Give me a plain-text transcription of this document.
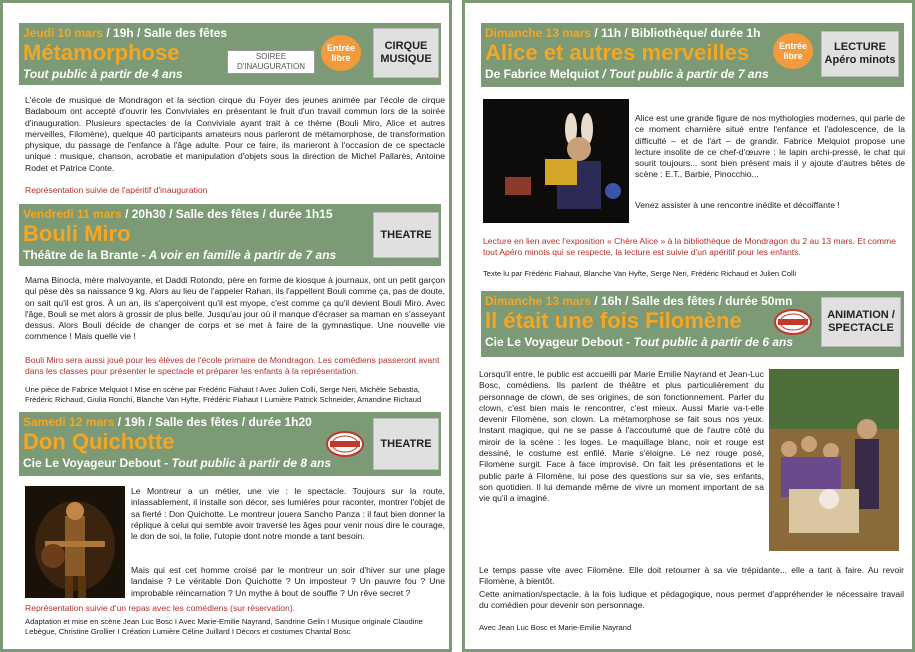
Jeudi 10 mars / 19h / Salle des fêtes
Métamorphose
Tout public à partir de 4 ans
SOIREE D'INAUGURATION
Entrée libre
CIRQUE MUSIQUE
L'école de musique de Mondragon et la section cirque du Foyer des jeunes animée par l'école de cirque Badaboum ont accepté d'ouvrir les Conviviales en présentant le fruit d'un travail commun lors de la soirée d'inauguration. Plusieurs spectacles de la Conviviale ayant trait à ce thème (Bouli Miro, Alice et autres merveilles, Filomène), quelque 40 participants amateurs nous parleront de métamorphose, de transformation physique, du passage de l'enfance à l'âge adulte. Pour ce faire, ils marieront à l'occasion de ce spectacle unique : musique, chanson, acrobatie et manipulation d'objets sous la direction de Michel Pallarès, Antoine Rodet et Patrice Conte.
Représentation suivie de l'apéritif d'inauguration
Vendredi 11 mars / 20h30 / Salle des fêtes / durée 1h15
Bouli Miro
Théâtre de la Brante - A voir en famille à partir de 7 ans
THEATRE
Mama Binocla, mère malvoyante, et Daddi Rotondo, père en forme de kiosque à journaux, ont un petit garçon qui pèse dès sa naissance 9 kg. Alors au lieu de l'appeler Rahan, ils l'appellent Bouli comme ça, pas de doute, on sait qu'il est gros. À un an, ils s'aperçoivent qu'il est myope, c'est comme ça qu'il devient Bouli Miro. Avec l'âge, Bouli se met alors à grossir de plus belle. Jusqu'au jour où il manque d'écraser sa maman en s'asseyant dessus. Alors Bouli décide de changer de corps et se met à faire de la gymnastique. Une nouvelle vie commence ! Mais quelle vie !
Bouli Miro sera aussi joué pour les élèves de l'école primaire de Mondragon. Les comédiens passeront avant dans les classes pour présenter le spectacle et préparer les enfants à la représentation.
Une pièce de Fabrice Melquiot I Mise en scène par Frédéric Fiahaut I Avec Julien Colli, Serge Neri, Michèle Sebastia, Frédéric Richaud, Giulia Ronchi, Blanche Van Hyfte, Frédéric Fiahaut I Lumière Patrick Schneider, Amandine Richaud
Samedi 12 mars / 19h / Salle des fêtes / durée 1h20
Don Quichotte
Cie Le Voyageur Debout - Tout public à partir de 8 ans
THEATRE
Le Montreur a un métier, une vie : le spectacle. Toujours sur la route, inlassablement, il installe son décor, ses lumières pour raconter, montrer l'objet de sa fierté : Don Quichotte. Le montreur jouera Sancho Panza : il faut bien donner la réplique à celui qui semble avoir traversé les âges pour venir nous dire le courage, le don de soi, la folie, l'utopie dont notre monde a tant besoin.
Mais qui est cet homme croisé par le montreur un soir d'hiver sur une plage landaise ? Le véritable Don Quichotte ? Un imposteur ? Un pauvre fou ? Une improbable réincarnation ? Un mythe à bout de souffle ? Un rêve secret ?
Représentation suivie d'un repas avec les comédiens (sur réservation).
Adaptation et mise en scène Jean Luc Bosc I Avec Marie-Emilie Nayrand, Sandrine Gelin I Musique originale Claudine Lebègue, Christine Grollier I Création Lumière Céline Juillard I Décors et costumes Chantal Bosc
Dimanche 13 mars / 11h / Bibliothèque/ durée 1h
Alice et autres merveilles
De Fabrice Melquiot / Tout public à partir de 7 ans
Entrée libre
LECTURE Apéro minots
Alice est une grande figure de nos mythologies modernes, qui parle de ce moment charnière situé entre l'enfance et l'adolescence, de la difficulté – et de l'art – de grandir. Fabrice Melquiot propose une lecture insolite de ce chef-d'œuvre : le lapin archi-pressé, le chat qui sourit toujours... sont bien présent mais il y ajoute d'autres bêtes de scène : E.T., Barbie, Pinocchio...
Venez assister à une rencontre inédite et décoiffante !
Lecture en lien avec l'exposition « Chère Alice » à la bibliothèque de Mondragon du 2 au 13 mars. Et comme tout Apéro minots qui se respecte, la lecture est suivie d'un apéritif pour les enfants.
Texte lu par Frédéric Fiahaut, Blanche Van Hyfte, Serge Neri, Frédéric Richaud et Julien Colli
Dimanche 13 mars / 16h / Salle des fêtes / durée 50mn
Il était une fois Filomène
Cie Le Voyageur Debout - Tout public à partir de 6 ans
ANIMATION / SPECTACLE
Lorsqu'il entre, le public est accueilli par Marie Emilie Nayrand et Jean-Luc Bosc, comédiens. Ils parlent de théâtre et plus particulièrement du personnage de clown, de ses origines, de son fonctionnement. Parler du clown, c'est bien mais le rencontrer, c'est mieux. Aussi Marie va-t-elle devenir Filomène, son clown. La métamorphose se fait sous nos yeux. Instant magique, qui ne se passe à l'accoutumé que de l'autre côté du miroir de la scène : les loges. Le maquillage blanc, noir et rouge est dessiné, le costume est enfilé. Marie s'éloigne. Le nez rouge posé, Filomène surgit. Face à face improvisé. On fait les présentations et le public parle à Filomène, lui pose des questions sur sa vie, ses enfants, son quotidien. Il lui demande même de vivre un moment important de sa vie qu'il a imaginé.
Le temps passe vite avec Filomène. Elle doit retourner à sa vie trépidante... elle a tant à faire. Au revoir Filomène, à bientôt.
Cette animation/spectacle, à la fois ludique et pédagogique, nous permet d'appréhender le nécessaire travail du comédien pour devenir son personnage.
Avec Jean Luc Bosc et Marie-Emilie Nayrand
